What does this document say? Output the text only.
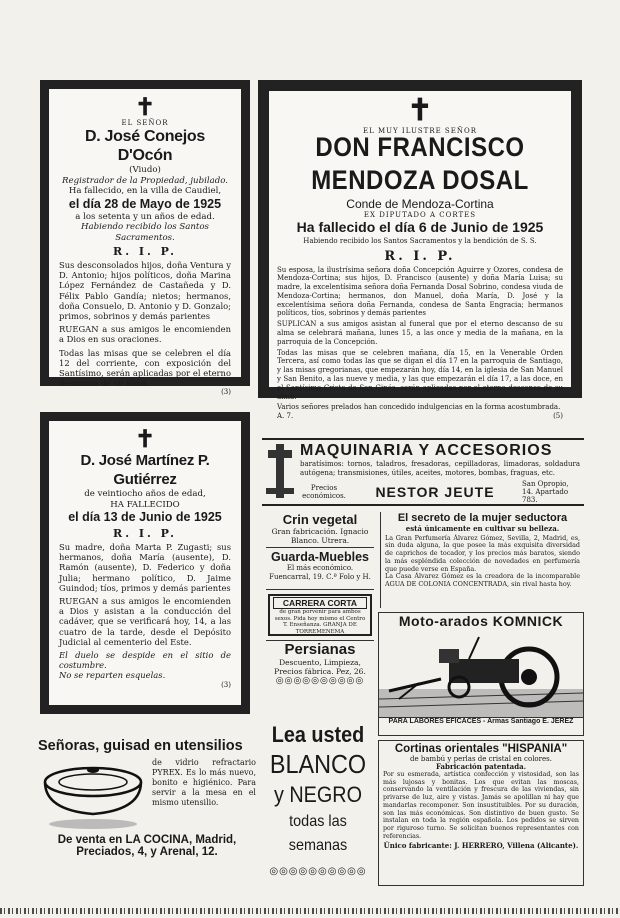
✝
EL SEÑOR
D. José Conejos D'Ocón
(Viudo)
Registrador de la Propiedad, jubilado.
Ha fallecido, en la villa de Caudiel,
el día 28 de Mayo de 1925
a los setenta y un años de edad.
Habiendo recibido los Santos Sacramentos.
R. I. P.
Sus desconsolados hijos, doña Ventura y D. Antonio; hijos políticos, doña Marina López Fernández de Castañeda y D. Félix Pablo Gandía; nietos; hermanos, doña Consuelo, D. Antonio y D. Gonzalo; primos, sobrinos y demás parientes
RUEGAN a sus amigos le encomienden a Dios en sus oraciones.
Todas las misas que se celebren el día 12 del corriente, con exposición del Santísimo, serán aplicadas por el eterno descanso de su alma.
(3)
✝
EL MUY ILUSTRE SEÑOR
DON FRANCISCO MENDOZA DOSAL
Conde de Mendoza-Cortina
EX DIPUTADO A CORTES
Ha fallecido el día 6 de Junio de 1925
Habiendo recibido los Santos Sacramentos y la bendición de S. S.
R. I. P.
Su esposa, la ilustrísima señora doña Concepción Aguirre y Ozores, condesa de Mendoza-Cortina; sus hijos, D. Francisco (ausente) y doña María Luisa; su madre, la excelentísima señora doña Fernanda Dosal Sobrino, condesa viuda de Mendoza-Cortina; hermanos, don Manuel, doña María, D. José y la excelentísima señora doña Fernanda, condesa de Santa Engracia; hermanos políticos, tíos, sobrinos y demás parientes
SUPLICAN a sus amigos asistan al funeral que por el eterno descanso de su alma se celebrará mañana, lunes 15, a las once y media de la mañana, en la parroquia de la Concepción.
Todas las misas que se celebren mañana, día 15, en la Venerable Orden Tercera, así como todas las que se digan el día 17 en la parroquia de Santiago, y las misas gregorianas, que empezarán hoy, día 14, en la iglesia de San Manuel y San Benito, a las nueve y media, y las que empezarán el día 17, a las doce, en el Santísimo Cristo de San Ginés, serán aplicadas por el eterno descanso de su alma.
Varios señores prelados han concedido indulgencias en la forma acostumbrada.
A. 7.	(5)
✝
D. José Martínez P. Gutiérrez
de veintiocho años de edad,
HA FALLECIDO
el día 13 de Junio de 1925
R. I. P.
Su madre, doña Marta P. Zugasti; sus hermanos, doña María (ausente), D. Ramón (ausente), D. Federico y doña Julia; hermano político, D. Jaime Guindod; tíos, primos y demás parientes
RUEGAN a sus amigos le encomienden a Dios y asistan a la conducción del cadáver, que se verificará hoy, 14, a las cuatro de la tarde, desde el Depósito Judicial al cementerio del Este.
El duelo se despide en el sitio de costumbre.
No se reparten esquelas.
(3)
MAQUINARIA Y ACCESORIOS
baratísimos: tornos, taladros, fresadoras, cepilladoras, limadoras, soldadura autógena; transmisiones, útiles, aceites, motores, bombas, fraguas, etc.
Precios económicos. NESTOR JEUTE	San Opropio, 14. Apartado 783.
Crin vegetal
Gran fabricación. Ignacio Blanco. Utrera.
Guarda-Muebles
El más económico. Fuencarral, 19. C.ª Folo y H.
CARRERA CORTA
de gran porvenir para ambos sexos. Pida hoy mismo el Centro T. Enseñanza. GRANJA DE TORREMENEMA
Persianas
Descuento, Limpieza, Precios fábrica. Pez, 26.
◎◎◎◎◎◎◎◎◎◎
El secreto de la mujer seductora
está únicamente en cultivar su belleza.
La Gran Perfumería Álvarez Gómez, Sevilla, 2, Madrid, es, sin duda alguna, la que posee la más exquisita diversidad de caprichos de tocador, y los precios más baratos, siendo la más espléndida colección de novedades en perfumería que puede verse en España.
La Casa Álvarez Gómez es la creadora de la incomparable AGUA DE COLONIA CONCENTRADA, sin rival hasta hoy.
Moto-arados KOMNICK
PARA LABORES EFICACES - Armas Santiago E. JEREZ
Señoras, guisad en utensilios
de vidrio refractario PYREX. Es lo más nuevo, bonito e higiénico. Para servir a la mesa en el mismo utensilio.
De venta en LA COCINA, Madrid,
Preciados, 4, y Arenal, 12.
Lea usted
BLANCO
y NEGRO
todas las semanas
◎◎◎◎◎◎◎◎◎◎
Cortinas orientales "HISPANIA"
de bambú y perlas de cristal en colores.
Fabricación patentada.
Por su esmerada, artística confección y vistosidad, son las más lujosas y bonitas. Los que evitan las moscas, conservando la ventilación y frescura de las viviendas, sin privarse de luz, aire y vistas. Jamás se apolillan ni hay que mandarlas recomponer. Son insustituibles. Por su duración, son las más económicas. Son distintivo de buen gusto. Se instalan en toda la región española. Los pedidos se sirven por riguroso turno. Se solicitan buenos representantes con referencias.
Único fabricante: J. HERRERO, Villena (Alicante).
